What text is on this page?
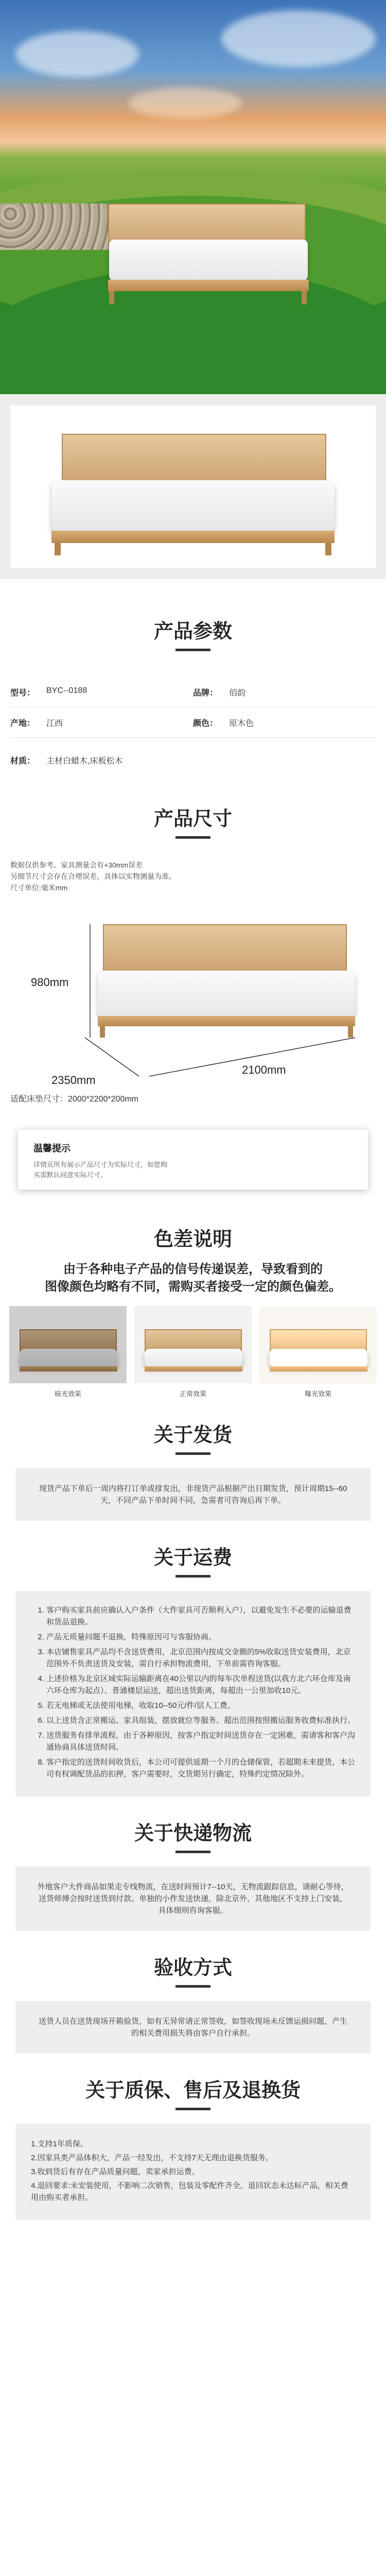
产品参数
型号：	BYC--0188	品牌：	佰韵
产地：	江西	颜色：	原木色
材质：	主材白蜡木,床板松木
产品尺寸
数据仅供参考。家具测量会有+30mm误差
另细节尺寸会存在合理误差，具体以实物测量为准。
尺寸单位:毫米mm
980mm
2350mm
2100mm
适配床垫尺寸：2000*2200*200mm
温馨提示
详情页所有展示产品尺寸为实际尺寸，如您购买需默认同意实际尺寸。
色差说明
由于各种电子产品的信号传递误差，导致看到的
图像颜色均略有不同，需购买者接受一定的颜色偏差。
暗光效果	正常效果	曝光效果
关于发货
现货产品下单后一周内将打订单或排发出，非现货产品根据产出日期发货，预计周期15--60天，不同产品下单时间不同，急需者可咨询后再下单。
关于运费
1. 客户购买家具前应确认入户条件（大件家具可否顺利入户），以避免发生不必要的运输退费和货品退换。
2. 产品无质量问题不退换，特殊原因可与客服协商。
3. 本店铺售家具产品均不含送货费用，北京范围内按成交金额的5%收取送货安装费用，北京范围外不负责送货及安装，需自行承担物流费用，下单前需咨询客服。
4. 上述价格为北京区域实际运输距离在40公里以内的每车次单程送货(以我方北六环仓库及南六环仓库为起点）、普通楼层运送，超出送货距离，每超出一公里加收10元。
5. 若无电梯或无法使用电梯，收取10--50元/件/层人工费。
6. 以上送货含正常搬运、家具组装，摆放就位等服务。超出范围按照搬运服务收费标准执行。
7. 送货服务有排单流程，由于各种原因，按客户指定时间送货存在一定困难，需请客和客户沟通协商具体送货时间。
8. 客户指定的送货时间收货后，本公司可提供延期一个月的仓储保管，若超期未来提货，本公司有权调配货品的扣押，客户需要时，交货期另行确定，特殊约定情况除外。
关于快递物流
外地客户大件商品如果走专线物流，在送时间预计7--10天，无物流跟踪信息，请耐心等待，送货师傅会按时送货到付款。单独的小件发送快递，除北京外，其他地区不支持上门安装，具体细则咨询客服。
验收方式
送货人员在送货现场开箱验货，如有无异常请正常签收，如签收现场未反馈运损问题，产生的相关费用损失将由客户自行承担。
关于质保、售后及退换货

1.支持1年质保。

2.因家具类产品体积大，产品一经发出，不支持7天无理由退换货服务。

3.收到货后有存在产品质量问题，卖家承担运费。

4.退回要求:未安装使用，不影响二次销售，包装及零配件齐全。退回状态未达标产品，相关费用由购买者承担。
